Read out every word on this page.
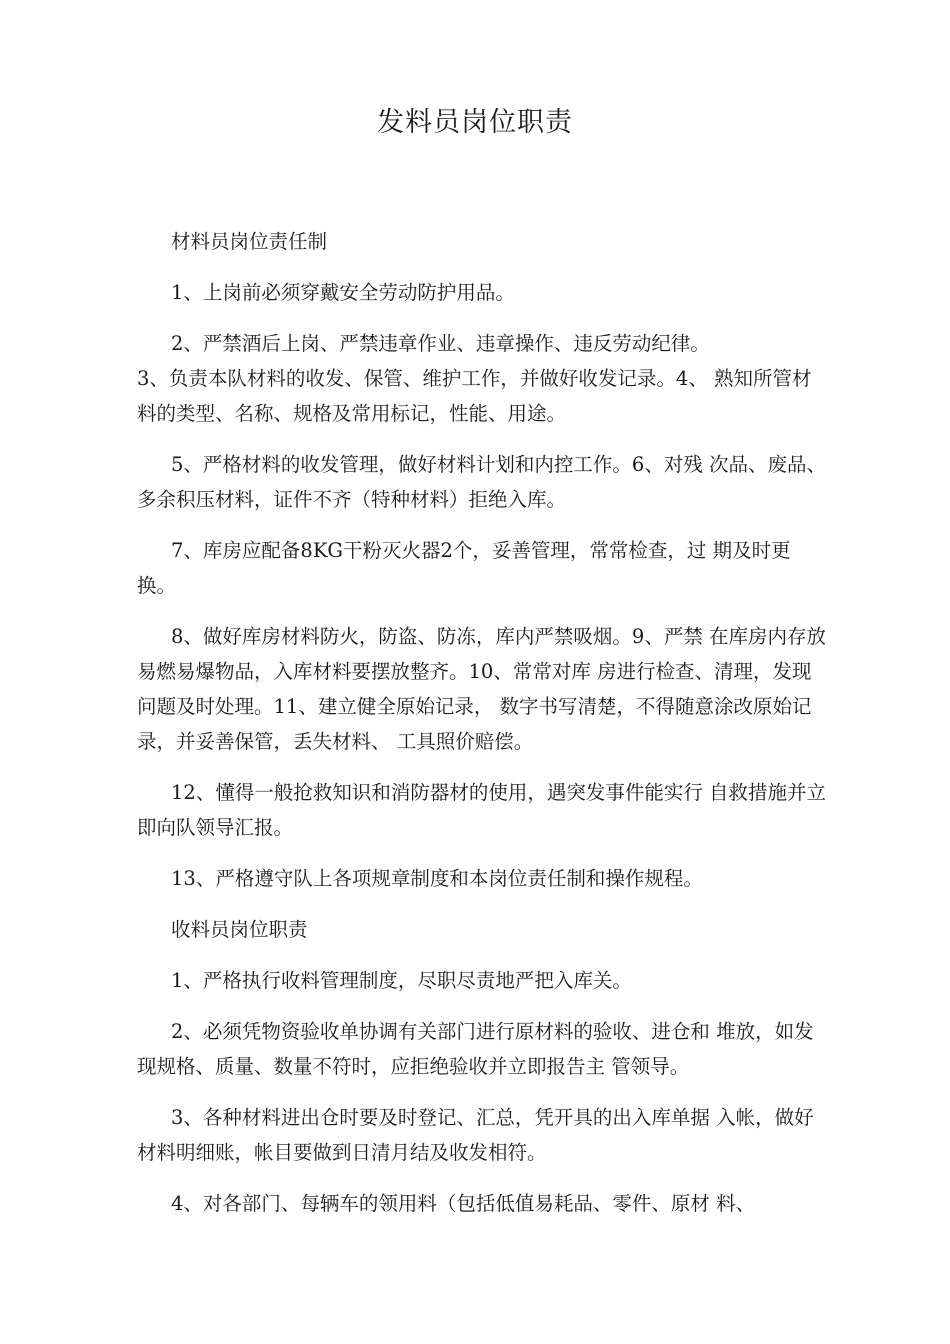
发料员岗位职责

材料员岗位责任制

1、上岗前必须穿戴安全劳动防护用品。

2、严禁酒后上岗、严禁违章作业、违章操作、违反劳动纪律。

3、负责本队材料的收发、保管、维护工作，并做好收发记录。4、 熟知所管材料的类型、名称、规格及常用标记，性能、用途。

5、严格材料的收发管理，做好材料计划和内控工作。6、对残 次品、废品、多余积压材料，证件不齐（特种材料）拒绝入库。

7、库房应配备8KG干粉灭火器2个，妥善管理，常常检查，过 期及时更换。

8、做好库房材料防火，防盗、防冻，库内严禁吸烟。9、严禁 在库房内存放易燃易爆物品，入库材料要摆放整齐。10、常常对库 房进行检查、清理，发现问题及时处理。11、建立健全原始记录， 数字书写清楚，不得随意涂改原始记录，并妥善保管，丢失材料、 工具照价赔偿。

12、懂得一般抢救知识和消防器材的使用，遇突发事件能实行 自救措施并立即向队领导汇报。

13、严格遵守队上各项规章制度和本岗位责任制和操作规程。

收料员岗位职责

1、严格执行收料管理制度，尽职尽责地严把入库关。

2、必须凭物资验收单协调有关部门进行原材料的验收、进仓和 堆放，如发现规格、质量、数量不符时，应拒绝验收并立即报告主 管领导。

3、各种材料进出仓时要及时登记、汇总，凭开具的出入库单据 入帐，做好材料明细账，帐目要做到日清月结及收发相符。

4、对各部门、每辆车的领用料（包括低值易耗品、零件、原材 料、
